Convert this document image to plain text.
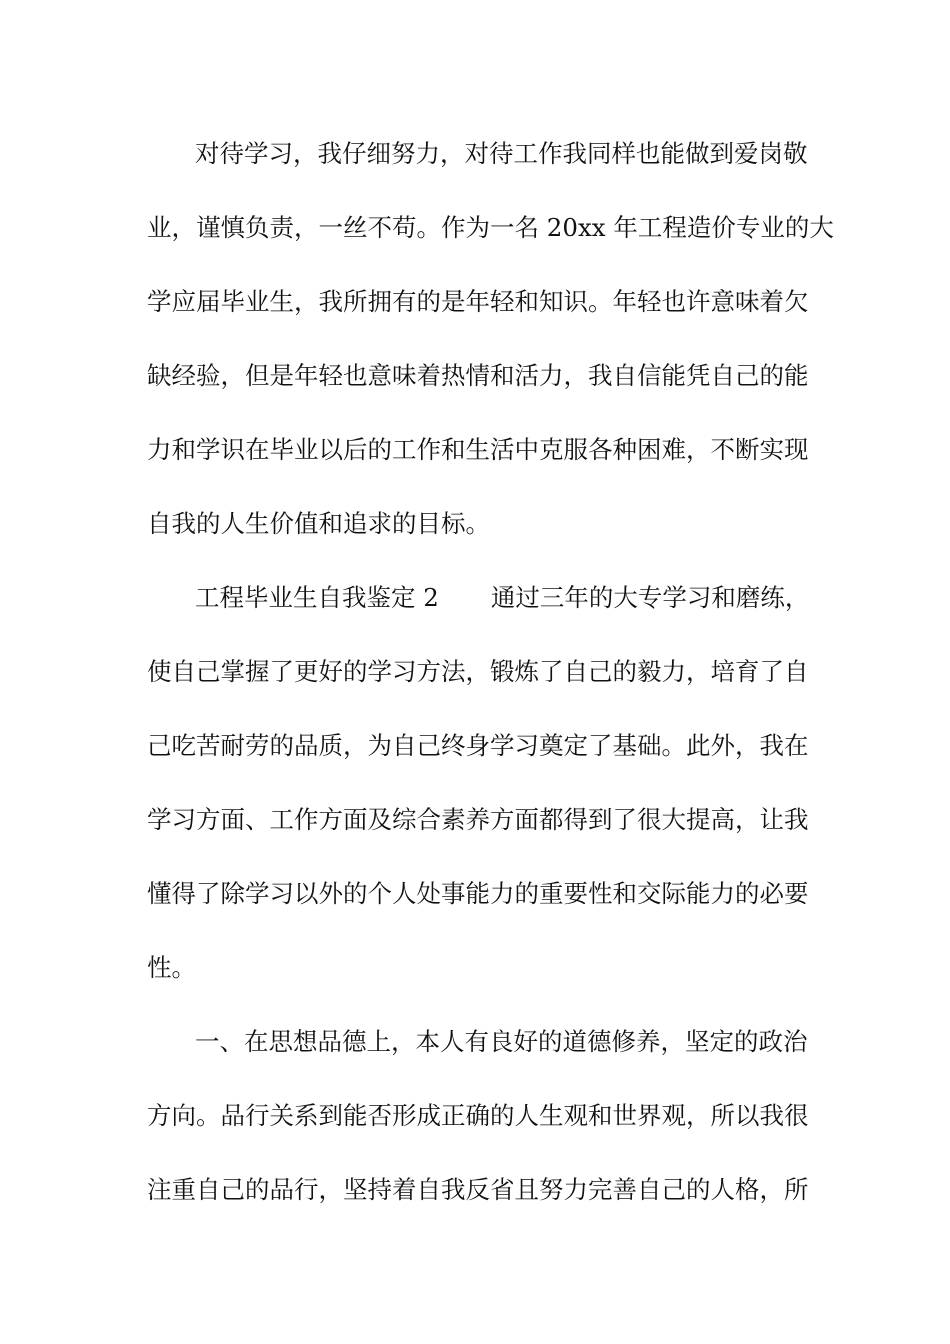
对待学习，我仔细努力，对待工作我同样也能做到爱岗敬
业，谨慎负责，一丝不苟。作为一名 20xx 年工程造价专业的大
学应届毕业生，我所拥有的是年轻和知识。年轻也许意味着欠
缺经验，但是年轻也意味着热情和活力，我自信能凭自己的能
力和学识在毕业以后的工作和生活中克服各种困难，不断实现
自我的人生价值和追求的目标。
工程毕业生自我鉴定 2 通过三年的大专学习和磨练，
使自己掌握了更好的学习方法，锻炼了自己的毅力，培育了自
己吃苦耐劳的品质，为自己终身学习奠定了基础。此外，我在
学习方面、工作方面及综合素养方面都得到了很大提高，让我
懂得了除学习以外的个人处事能力的重要性和交际能力的必要
性。
一、在思想品德上，本人有良好的道德修养，坚定的政治
方向。品行关系到能否形成正确的人生观和世界观，所以我很
注重自己的品行，坚持着自我反省且努力完善自己的人格，所
